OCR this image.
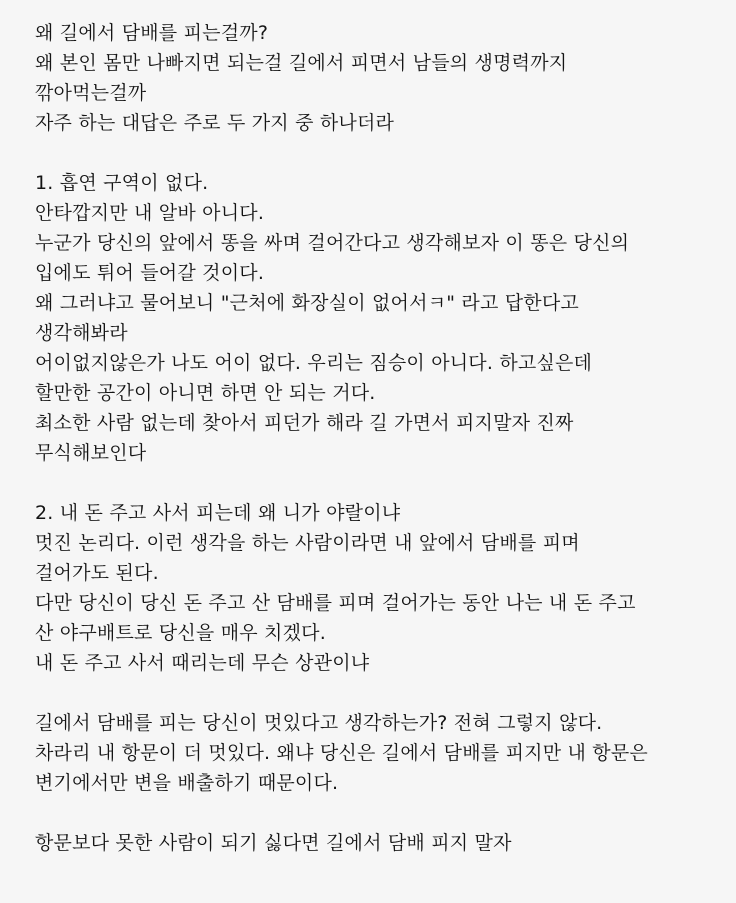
왜 길에서 담배를 피는걸까?
왜 본인 몸만 나빠지면 되는걸 길에서 피면서 남들의 생명력까지
깎아먹는걸까
자주 하는 대답은 주로 두 가지 중 하나더라
1. 흡연 구역이 없다.
안타깝지만 내 알바 아니다.
누군가 당신의 앞에서 똥을 싸며 걸어간다고 생각해보자 이 똥은 당신의
입에도 튀어 들어갈 것이다.
왜 그러냐고 물어보니 "근처에 화장실이 없어서ㅋ" 라고 답한다고
생각해봐라
어이없지않은가 나도 어이 없다. 우리는 짐승이 아니다. 하고싶은데
할만한 공간이 아니면 하면 안 되는 거다.
최소한 사람 없는데 찾아서 피던가 해라 길 가면서 피지말자 진짜
무식해보인다
2. 내 돈 주고 사서 피는데 왜 니가 야랄이냐
멋진 논리다. 이런 생각을 하는 사람이라면 내 앞에서 담배를 피며
걸어가도 된다.
다만 당신이 당신 돈 주고 산 담배를 피며 걸어가는 동안 나는 내 돈 주고
산 야구배트로 당신을 매우 치겠다.
내 돈 주고 사서 때리는데 무슨 상관이냐
길에서 담배를 피는 당신이 멋있다고 생각하는가? 전혀 그렇지 않다.
차라리 내 항문이 더 멋있다. 왜냐 당신은 길에서 담배를 피지만 내 항문은
변기에서만 변을 배출하기 때문이다.
항문보다 못한 사람이 되기 싫다면 길에서 담배 피지 말자
